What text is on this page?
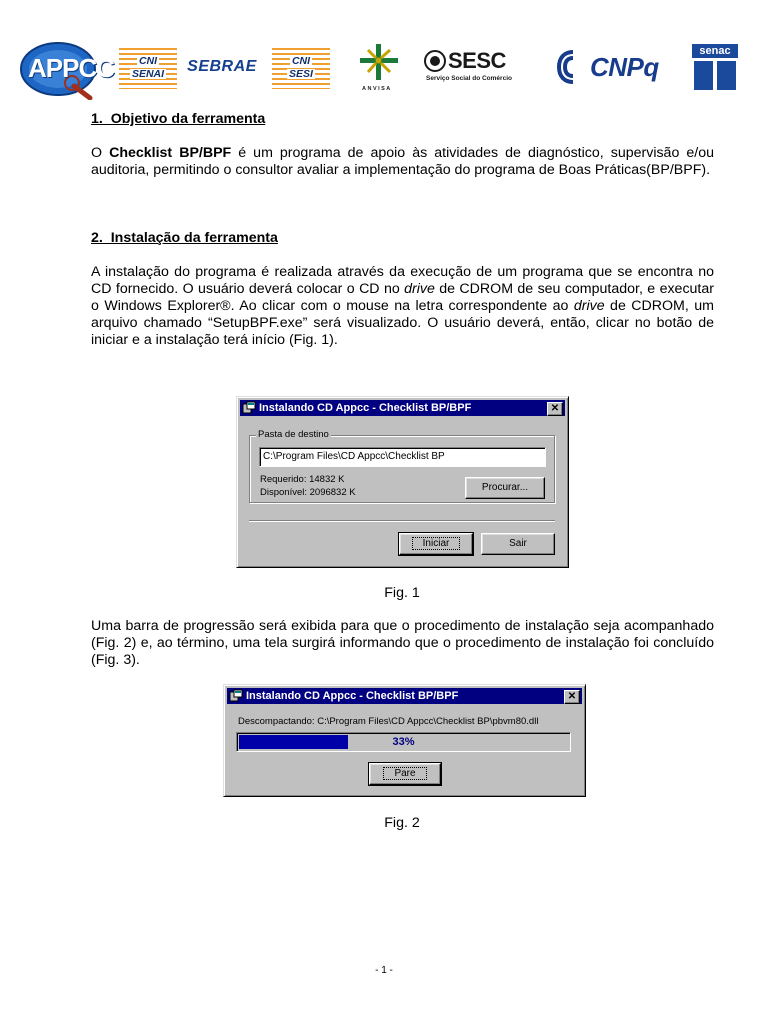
APPCC CNI
SENAI SEBRAE	CNI
SESI
ANVISA
SESC
Serviço Social do Comércio	CNPq
senac
1.  Objetivo da ferramenta
O Checklist BP/BPF é um programa de apoio às atividades de diagnóstico, supervisão e/ou auditoria, permitindo o consultor avaliar a implementação do programa de Boas Práticas(BP/BPF).
2.  Instalação da ferramenta
A instalação do programa é realizada através da execução de um programa que se encontra no CD fornecido. O usuário deverá colocar o CD no drive de CDROM de seu computador, e executar o Windows Explorer®. Ao clicar com o mouse na letra correspondente ao drive de CDROM, um arquivo chamado “SetupBPF.exe” será visualizado. O usuário deverá, então, clicar no botão de iniciar e a instalação terá início (Fig. 1).
Instalando CD Appcc - Checklist BP/BPF	✕
Pasta de destino
C:\Program Files\CD Appcc\Checklist BP
Requerido: 14832 K
Disponível: 2096832 K	Procurar...
Iniciar	Sair
Fig. 1
Uma barra de progressão será exibida para que o procedimento de instalação seja acompanhado (Fig. 2) e, ao término, uma tela surgirá informando que o procedimento de instalação foi concluído (Fig. 3).
Instalando CD Appcc - Checklist BP/BPF	✕
Descompactando: C:\Program Files\CD Appcc\Checklist BP\pbvm80.dll
33%
Pare
Fig. 2
- 1 -
